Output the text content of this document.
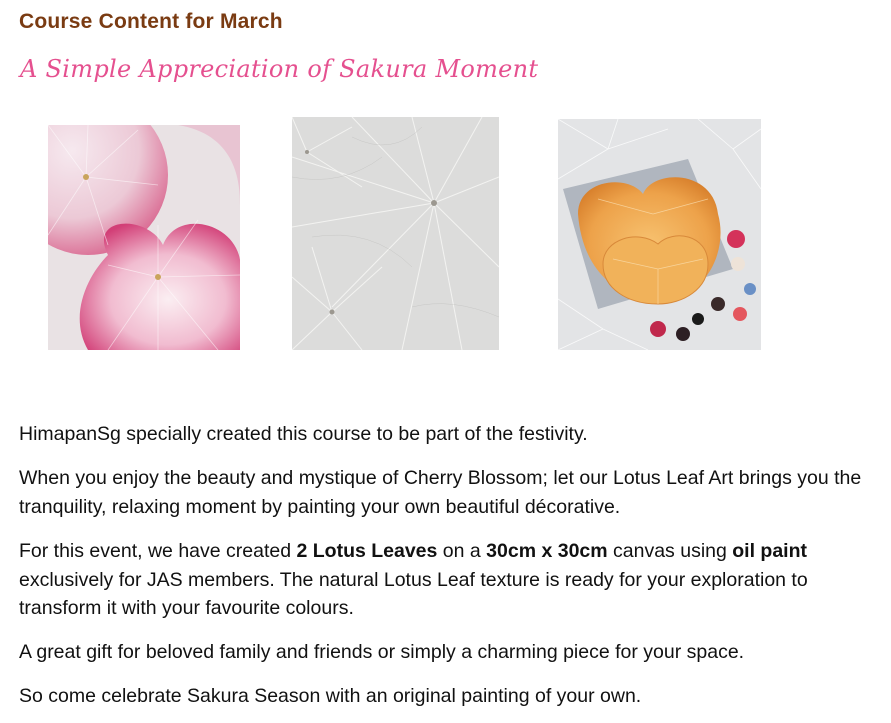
Course Content for March
A Simple Appreciation of Sakura Moment

HimapanSg specially created this course to be part of the festivity.

When you enjoy the beauty and mystique of Cherry Blossom; let our Lotus Leaf Art brings you the tranquility, relaxing moment by painting your own beautiful décorative.

For this event, we have created 2 Lotus Leaves on a 30cm x 30cm canvas using oil paint exclusively for JAS members. The natural Lotus Leaf texture is ready for your exploration to transform it with your favourite colours.

A great gift for beloved family and friends or simply a charming piece for your space.

So come celebrate Sakura Season with an original painting of your own.
